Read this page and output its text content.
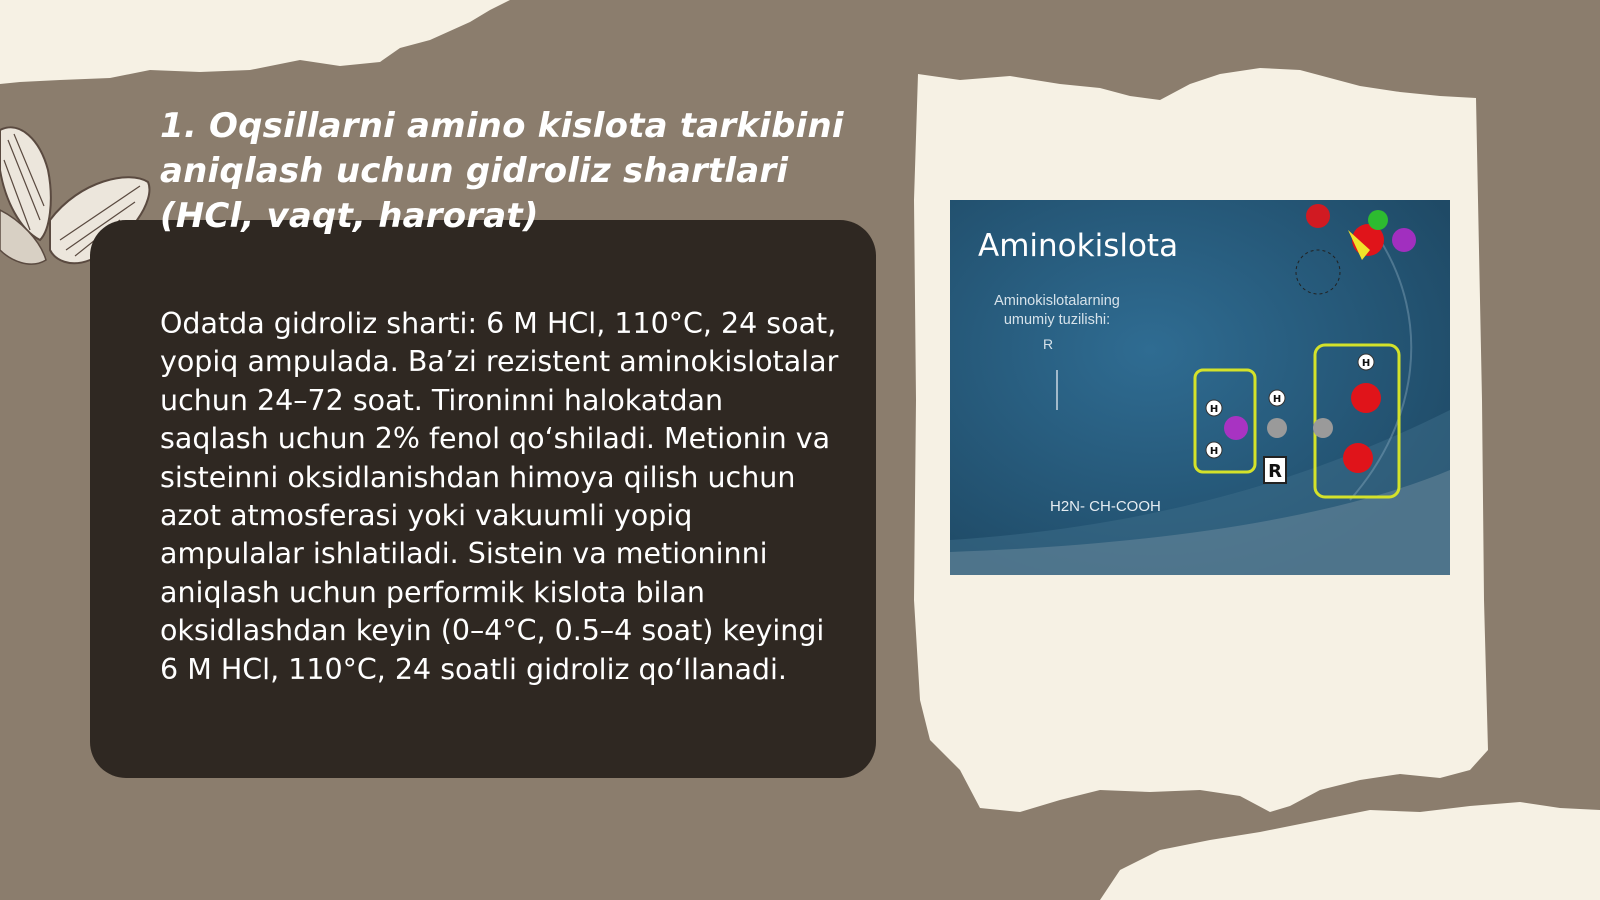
1. Oqsillarni amino kislota tarkibini aniqlash uchun gidroliz shartlari (HCl, vaqt, harorat)

Odatda gidroliz sharti: 6 M HCl, 110°C, 24 soat, yopiq ampulada. Ba’zi rezistent aminokislotalar uchun 24–72 soat. Tironinni halokatdan saqlash uchun 2% fenol qo‘shiladi. Metionin va sisteinni oksidlanishdan himoya qilish uchun azot atmosferasi yoki vakuumli yopiq ampulalar ishlatiladi. Sistein va metioninni aniqlash uchun performik kislota bilan oksidlashdan keyin (0–4°C, 0.5–4 soat) keyingi 6 M HCl, 110°C, 24 soatli gidroliz qo‘llanadi.

H
H
H
H
Aminokislota
Aminokislotalarning umumiy tuzilishi:
R
R
H2N- CH-COOH
